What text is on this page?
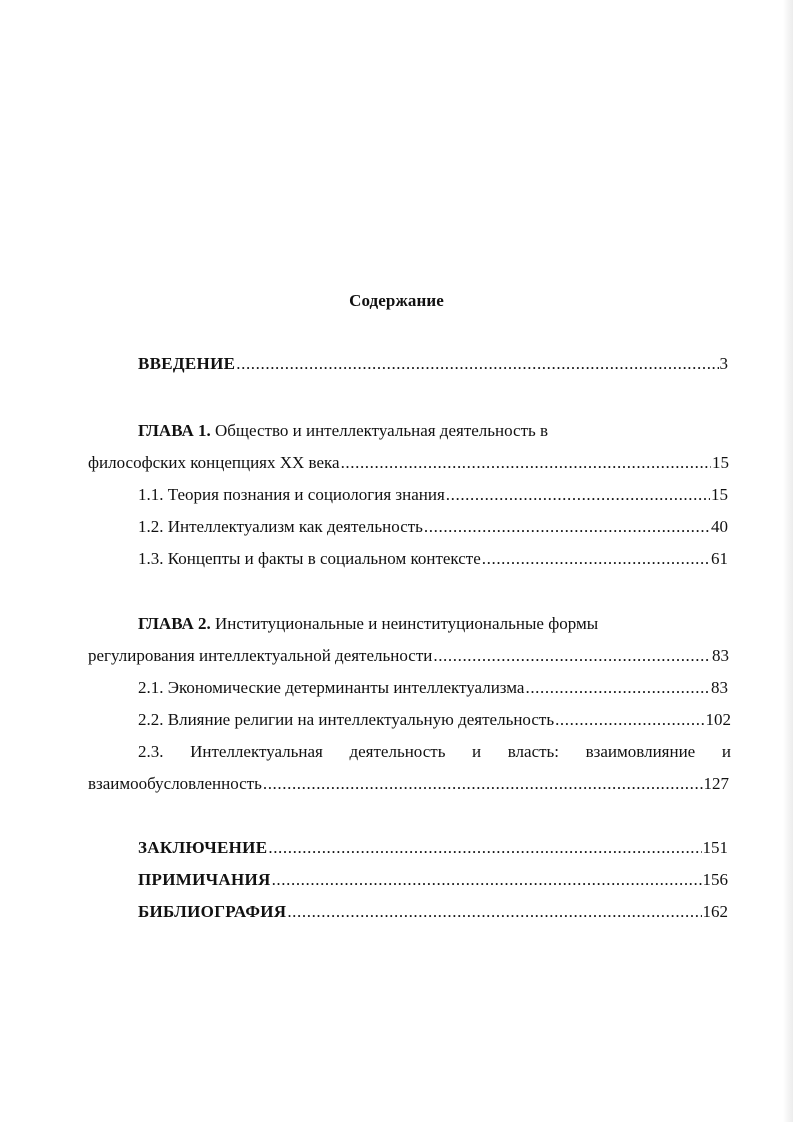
Содержание
ВВЕДЕНИЕ .....	3
ГЛАВА 1. Общество и интеллектуальная деятельность в
философских концепциях XX века .....	15
1.1. Теория познания и социология знания .....	15
1.2. Интеллектуализм как деятельность .....	40
1.3. Концепты и факты в социальном контексте .....	61
ГЛАВА 2. Институциональные и неинституциональные формы
регулирования интеллектуальной деятельности .....	83
2.1. Экономические детерминанты интеллектуализма .....	83
2.2. Влияние религии на интеллектуальную деятельность .....	102
2.3. Интеллектуальная деятельность и власть: взаимовлияние и
взаимообусловленность .....	127
ЗАКЛЮЧЕНИЕ .....	151
ПРИМИЧАНИЯ .....	156
БИБЛИОГРАФИЯ .....	162
